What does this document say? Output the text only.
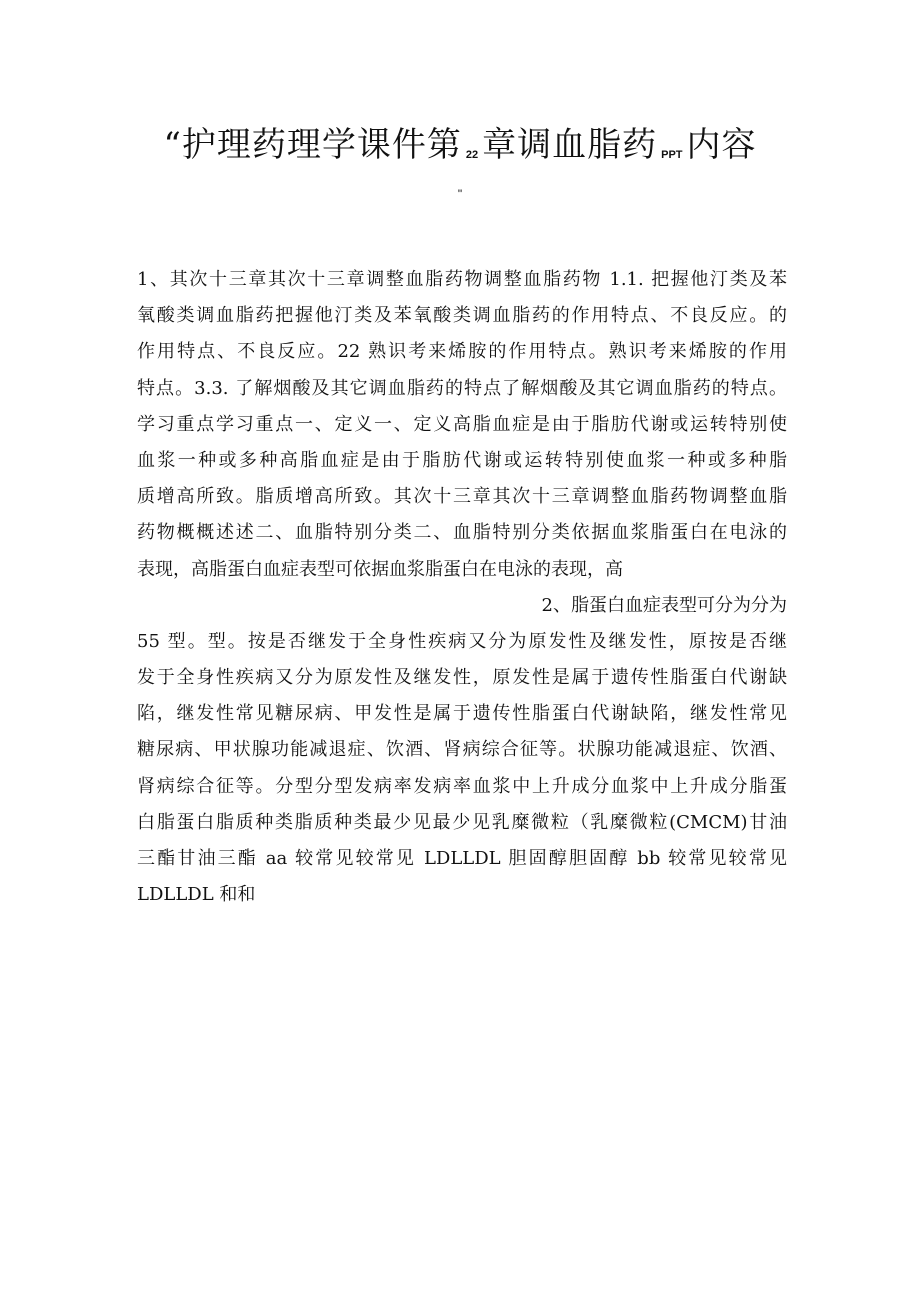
“护理药理学课件第 22 章调血脂药 PPT 内容
"
1、其次十三章其次十三章调整血脂药物调整血脂药物 1.1. 把握他汀类及苯
氧酸类调血脂药把握他汀类及苯氧酸类调血脂药的作用特点、不良反应。的
作用特点、不良反应。22 熟识考来烯胺的作用特点。熟识考来烯胺的作用
特点。3.3. 了解烟酸及其它调血脂药的特点了解烟酸及其它调血脂药的特点。
学习重点学习重点一、定义一、定义高脂血症是由于脂肪代谢或运转特别使
血浆一种或多种高脂血症是由于脂肪代谢或运转特别使血浆一种或多种脂
质增高所致。脂质增高所致。其次十三章其次十三章调整血脂药物调整血脂
药物概概述述二、血脂特别分类二、血脂特别分类依据血浆脂蛋白在电泳的
表现，高脂蛋白血症表型可依据血浆脂蛋白在电泳的表现，高
2、脂蛋白血症表型可分为分为
55 型。型。按是否继发于全身性疾病又分为原发性及继发性，原按是否继
发于全身性疾病又分为原发性及继发性，原发性是属于遗传性脂蛋白代谢缺
陷，继发性常见糖尿病、甲发性是属于遗传性脂蛋白代谢缺陷，继发性常见
糖尿病、甲状腺功能减退症、饮酒、肾病综合征等。状腺功能减退症、饮酒、
肾病综合征等。分型分型发病率发病率血浆中上升成分血浆中上升成分脂蛋
白脂蛋白脂质种类脂质种类最少见最少见乳糜微粒（乳糜微粒(CMCM)甘油
三酯甘油三酯 aa 较常见较常见 LDLLDL 胆固醇胆固醇 bb 较常见较常见
LDLLDL 和和
